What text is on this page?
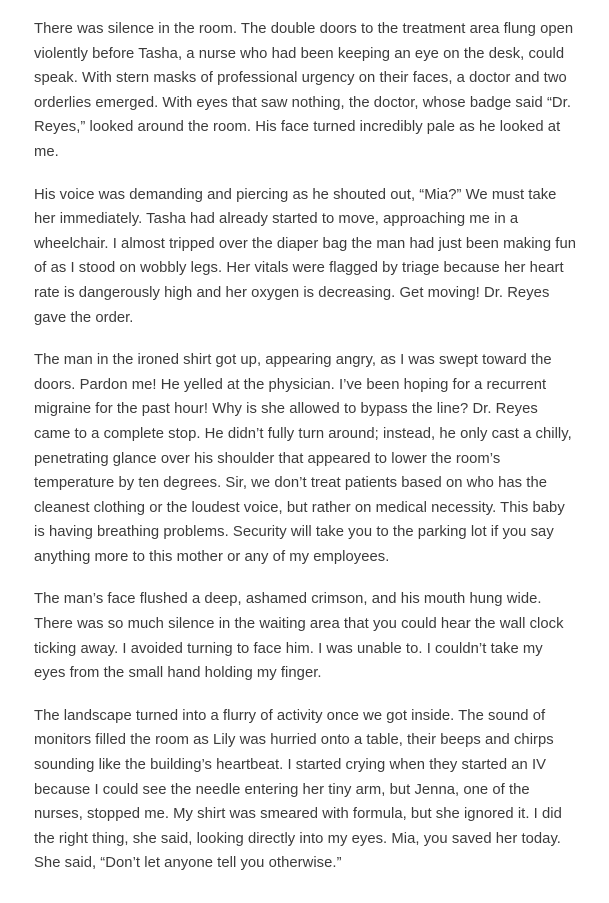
There was silence in the room. The double doors to the treatment area flung open violently before Tasha, a nurse who had been keeping an eye on the desk, could speak. With stern masks of professional urgency on their faces, a doctor and two orderlies emerged. With eyes that saw nothing, the doctor, whose badge said “Dr. Reyes,” looked around the room. His face turned incredibly pale as he looked at me.

His voice was demanding and piercing as he shouted out, “Mia?” We must take her immediately. Tasha had already started to move, approaching me in a wheelchair. I almost tripped over the diaper bag the man had just been making fun of as I stood on wobbly legs. Her vitals were flagged by triage because her heart rate is dangerously high and her oxygen is decreasing. Get moving! Dr. Reyes gave the order.

The man in the ironed shirt got up, appearing angry, as I was swept toward the doors. Pardon me! He yelled at the physician. I’ve been hoping for a recurrent migraine for the past hour! Why is she allowed to bypass the line? Dr. Reyes came to a complete stop. He didn’t fully turn around; instead, he only cast a chilly, penetrating glance over his shoulder that appeared to lower the room’s temperature by ten degrees. Sir, we don’t treat patients based on who has the cleanest clothing or the loudest voice, but rather on medical necessity. This baby is having breathing problems. Security will take you to the parking lot if you say anything more to this mother or any of my employees.

The man’s face flushed a deep, ashamed crimson, and his mouth hung wide. There was so much silence in the waiting area that you could hear the wall clock ticking away. I avoided turning to face him. I was unable to. I couldn’t take my eyes from the small hand holding my finger.

The landscape turned into a flurry of activity once we got inside. The sound of monitors filled the room as Lily was hurried onto a table, their beeps and chirps sounding like the building’s heartbeat. I started crying when they started an IV because I could see the needle entering her tiny arm, but Jenna, one of the nurses, stopped me. My shirt was smeared with formula, but she ignored it. I did the right thing, she said, looking directly into my eyes. Mia, you saved her today. She said, “Don’t let anyone tell you otherwise.”
